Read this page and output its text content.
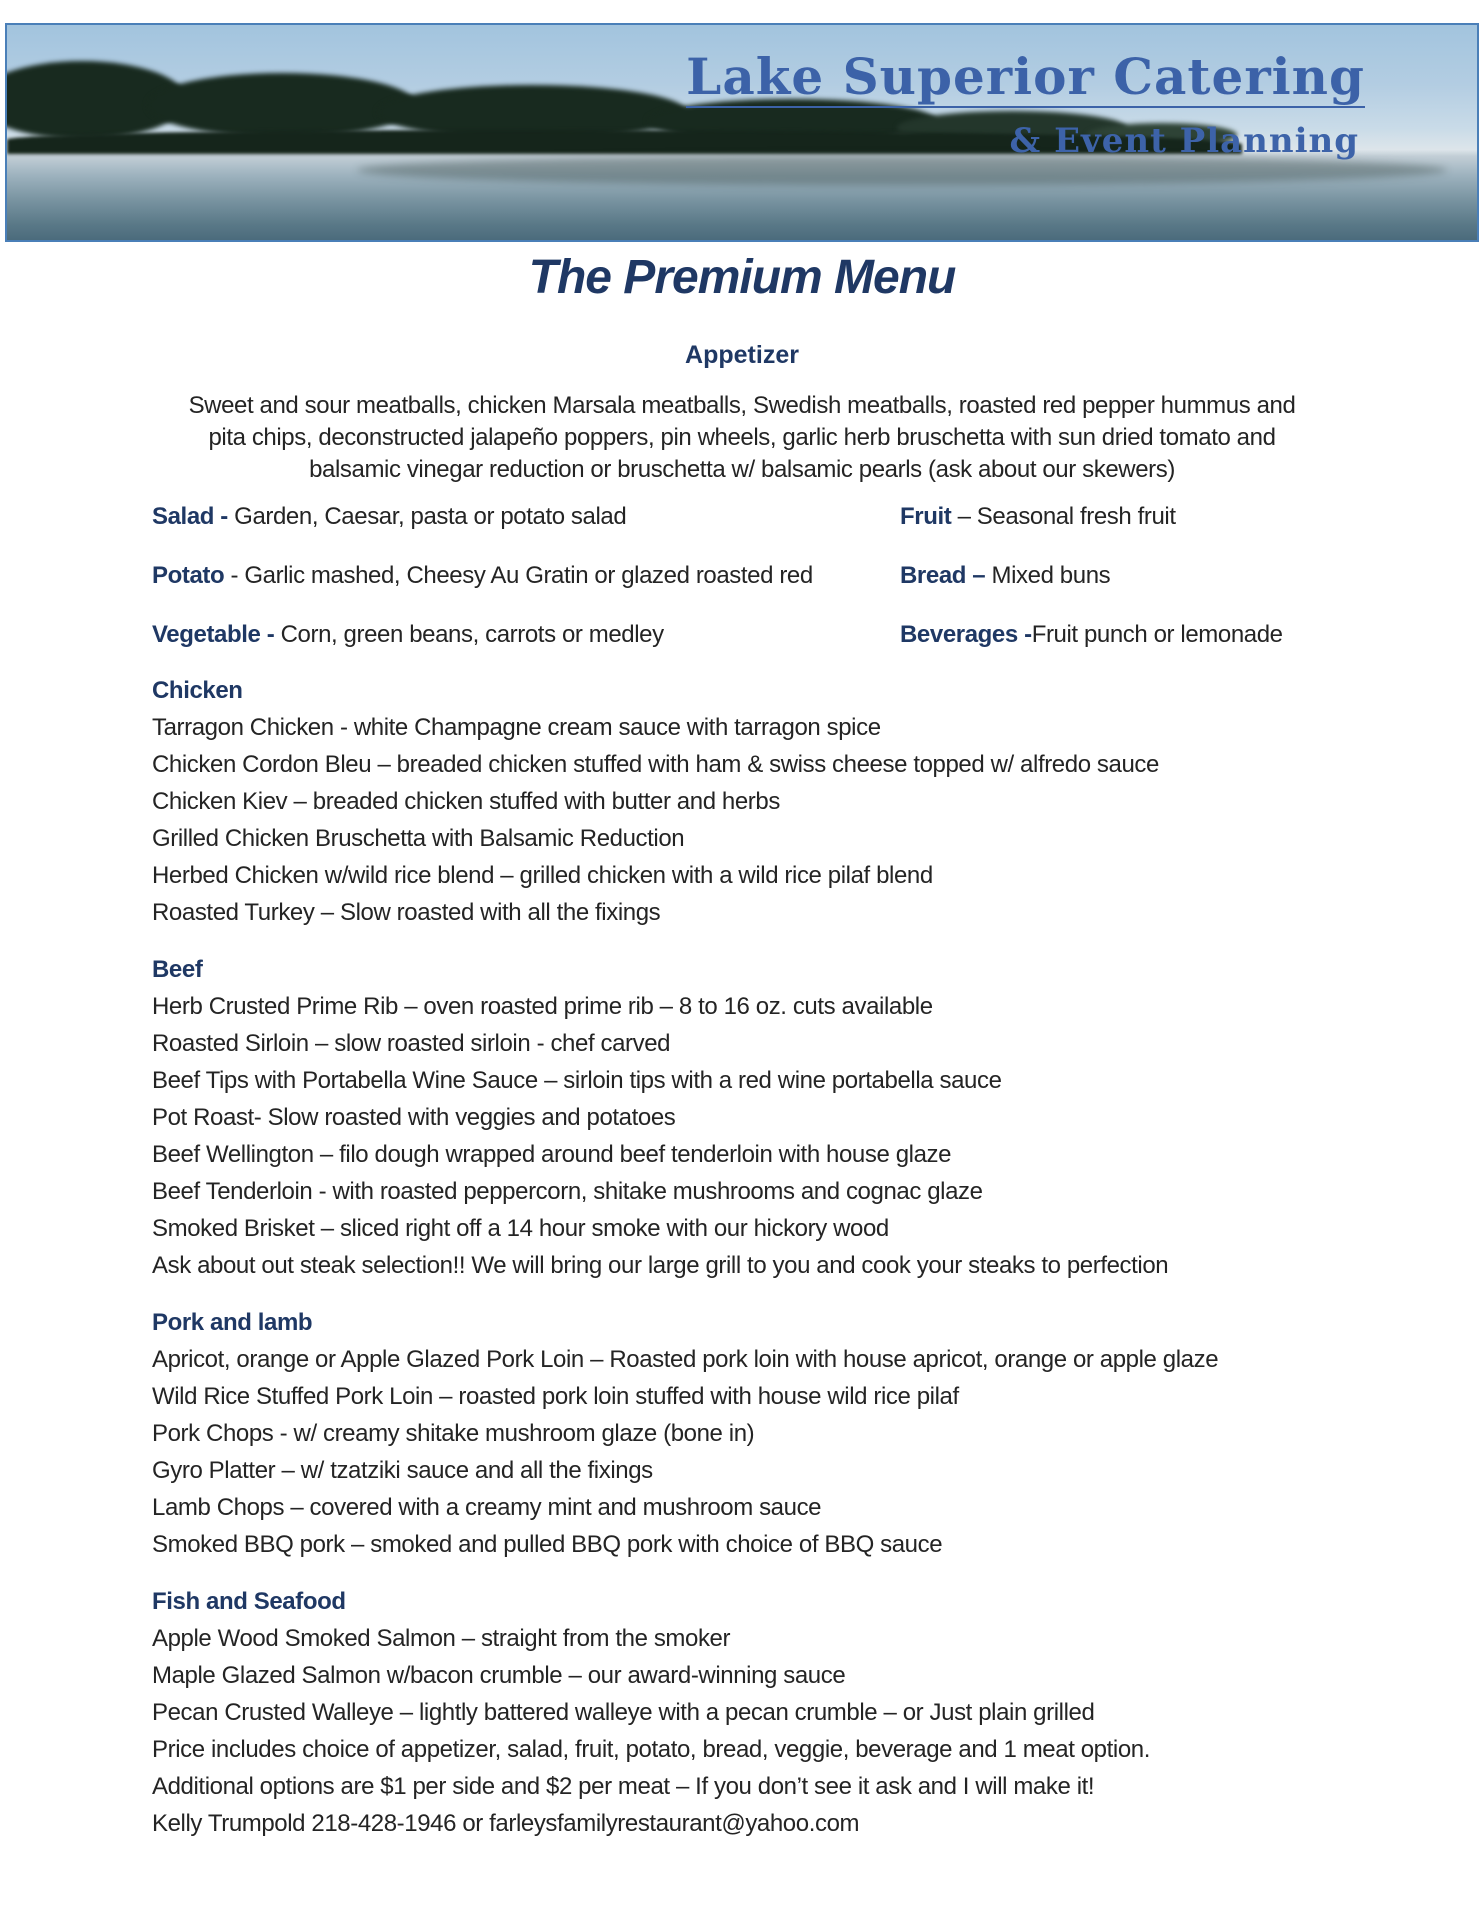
Lake Superior Catering
& Event Planning
The Premium Menu
Appetizer

Sweet and sour meatballs, chicken Marsala meatballs, Swedish meatballs, roasted red pepper hummus and pita chips, deconstructed jalapeño poppers, pin wheels, garlic herb bruschetta with sun dried tomato and balsamic vinegar reduction or bruschetta w/ balsamic pearls (ask about our skewers)

Salad - Garden, Caesar, pasta or potato salad	Fruit – Seasonal fresh fruit
Potato - Garlic mashed, Cheesy Au Gratin or glazed roasted red	Bread – Mixed buns
Vegetable - Corn, green beans, carrots or medley	Beverages -Fruit punch or lemonade
Chicken
Tarragon Chicken - white Champagne cream sauce with tarragon spice
Chicken Cordon Bleu – breaded chicken stuffed with ham & swiss cheese topped w/ alfredo sauce
Chicken Kiev – breaded chicken stuffed with butter and herbs
Grilled Chicken Bruschetta with Balsamic Reduction
Herbed Chicken w/wild rice blend – grilled chicken with a wild rice pilaf blend
Roasted Turkey – Slow roasted with all the fixings
Beef
Herb Crusted Prime Rib – oven roasted prime rib – 8 to 16 oz. cuts available
Roasted Sirloin – slow roasted sirloin - chef carved
Beef Tips with Portabella Wine Sauce – sirloin tips with a red wine portabella sauce
Pot Roast- Slow roasted with veggies and potatoes
Beef Wellington – filo dough wrapped around beef tenderloin with house glaze
Beef Tenderloin - with roasted peppercorn, shitake mushrooms and cognac glaze
Smoked Brisket – sliced right off a 14 hour smoke with our hickory wood
Ask about out steak selection!! We will bring our large grill to you and cook your steaks to perfection
Pork and lamb
Apricot, orange or Apple Glazed Pork Loin – Roasted pork loin with house apricot, orange or apple glaze
Wild Rice Stuffed Pork Loin – roasted pork loin stuffed with house wild rice pilaf
Pork Chops - w/ creamy shitake mushroom glaze (bone in)
Gyro Platter – w/ tzatziki sauce and all the fixings
Lamb Chops – covered with a creamy mint and mushroom sauce
Smoked BBQ pork – smoked and pulled BBQ pork with choice of BBQ sauce
Fish and Seafood
Apple Wood Smoked Salmon – straight from the smoker
Maple Glazed Salmon w/bacon crumble – our award-winning sauce
Pecan Crusted Walleye – lightly battered walleye with a pecan crumble – or Just plain grilled
Price includes choice of appetizer, salad, fruit, potato, bread, veggie, beverage and 1 meat option.
Additional options are $1 per side and $2 per meat – If you don’t see it ask and I will make it!
Kelly Trumpold 218-428-1946 or farleysfamilyrestaurant@yahoo.com
